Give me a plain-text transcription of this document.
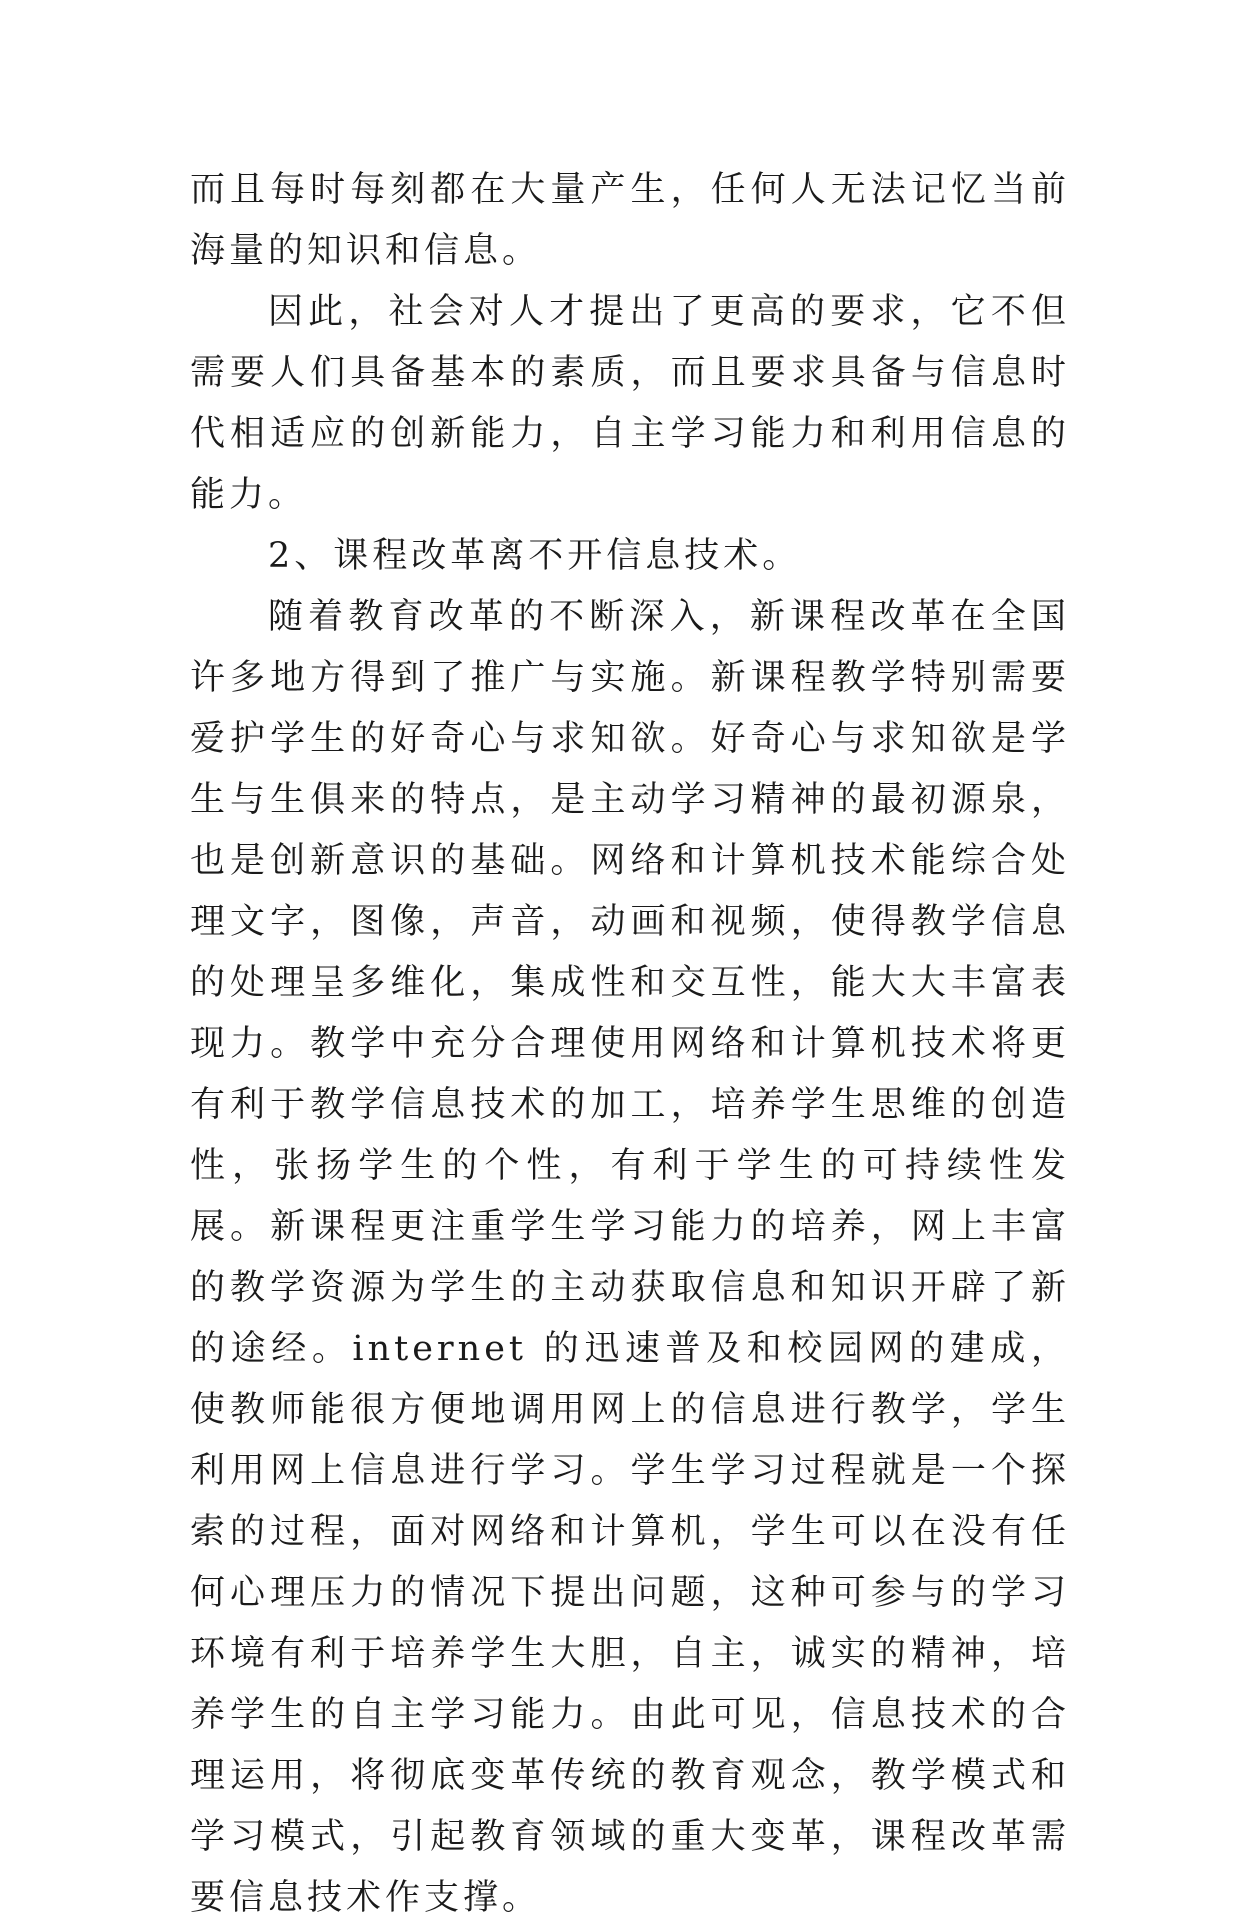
而且每时每刻都在大量产生，任何人无法记忆当前海量的知识和信息。

因此，社会对人才提出了更高的要求，它不但需要人们具备基本的素质，而且要求具备与信息时代相适应的创新能力，自主学习能力和利用信息的能力。

2、课程改革离不开信息技术。

随着教育改革的不断深入，新课程改革在全国许多地方得到了推广与实施。新课程教学特别需要爱护学生的好奇心与求知欲。好奇心与求知欲是学生与生俱来的特点，是主动学习精神的最初源泉，也是创新意识的基础。网络和计算机技术能综合处理文字，图像，声音，动画和视频，使得教学信息的处理呈多维化，集成性和交互性，能大大丰富表现力。教学中充分合理使用网络和计算机技术将更有利于教学信息技术的加工，培养学生思维的创造性，张扬学生的个性，有利于学生的可持续性发展。新课程更注重学生学习能力的培养，网上丰富的教学资源为学生的主动获取信息和知识开辟了新的途经。internet 的迅速普及和校园网的建成，使教师能很方便地调用网上的信息进行教学，学生利用网上信息进行学习。学生学习过程就是一个探索的过程，面对网络和计算机，学生可以在没有任何心理压力的情况下提出问题，这种可参与的学习环境有利于培养学生大胆，自主，诚实的精神，培养学生的自主学习能力。由此可见，信息技术的合理运用，将彻底变革传统的教育观念，教学模式和学习模式，引起教育领域的重大变革，课程改革需要信息技术作支撑。
